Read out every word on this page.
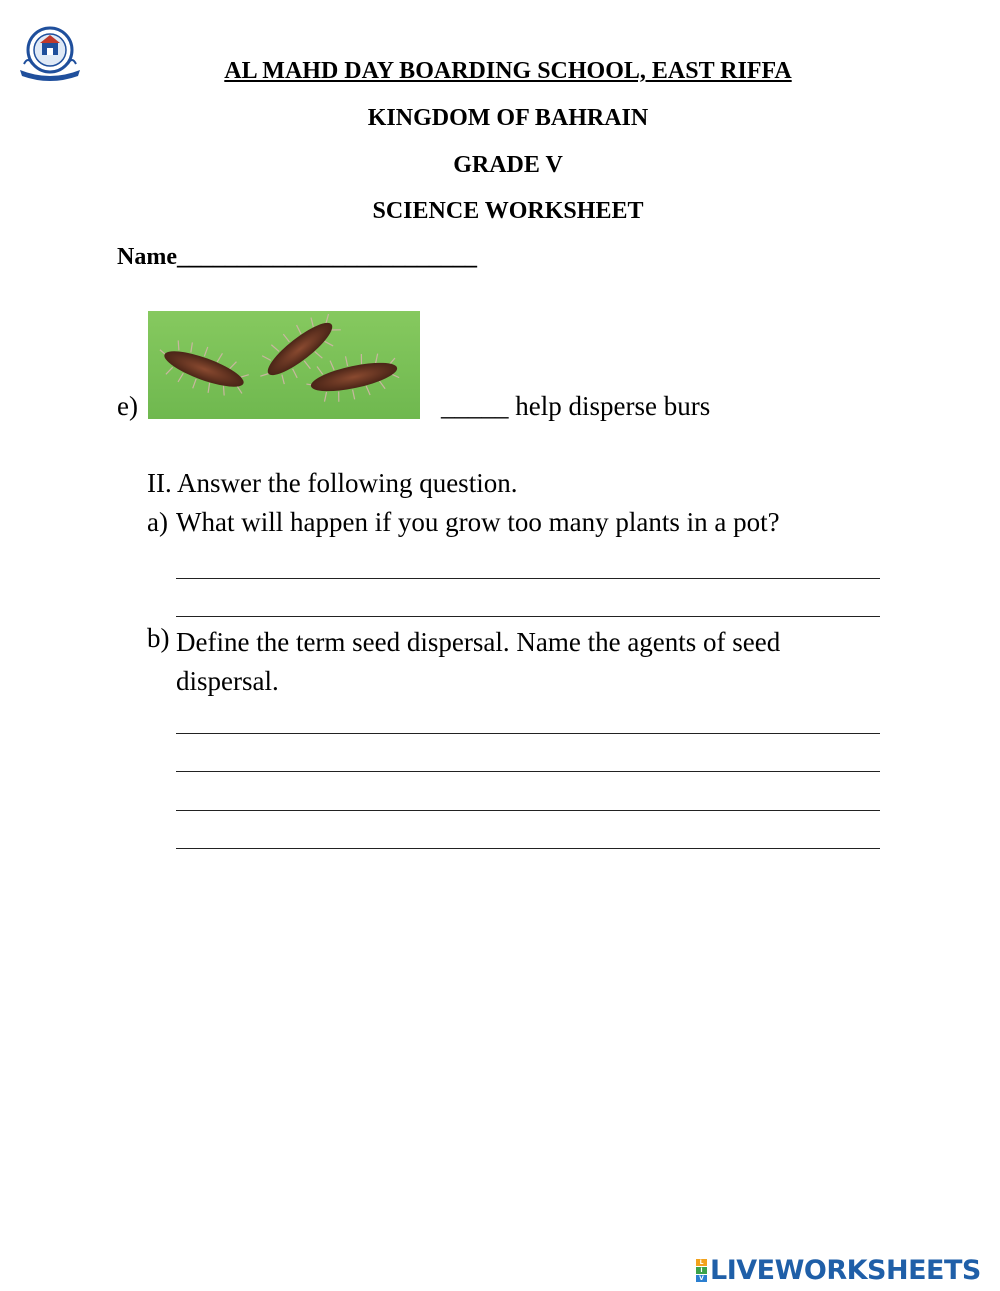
AL MAHD DAY BOARDING SCHOOL, EAST RIFFA
KINGDOM OF BAHRAIN
GRADE V
SCIENCE WORKSHEET
Name_________________________
e)	_____ help disperse burs
II. Answer the following question.
a) What will happen if you grow too many plants in a pot?
b) Define the term seed dispersal. Name the agents of seed dispersal.
L
I
V LIVEWORKSHEETS
